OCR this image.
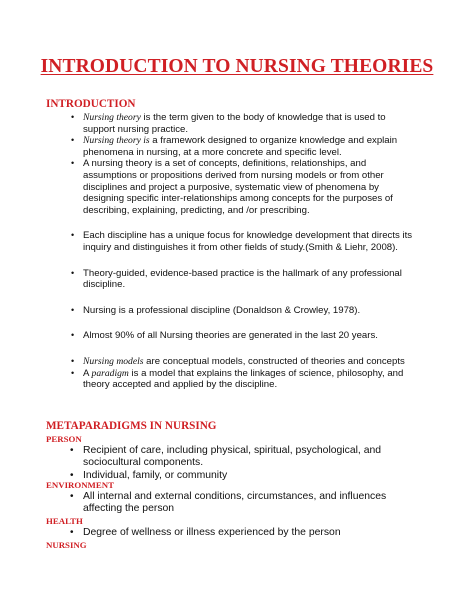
INTRODUCTION TO NURSING THEORIES
INTRODUCTION
• Nursing theory is the term given to the body of knowledge that is used to support nursing practice.
• Nursing theory is a framework designed to organize knowledge and explain phenomena in nursing, at a more concrete and specific level.
• A nursing theory is a set of concepts, definitions, relationships, and assumptions or propositions derived from nursing models or from other disciplines and project a purposive, systematic view of phenomena by designing specific inter-relationships among concepts for the purposes of describing, explaining, predicting, and /or prescribing.
• Each discipline has a unique focus for knowledge development that directs its inquiry and distinguishes it from other fields of study.(Smith & Liehr, 2008).
• Theory-guided, evidence-based practice is the hallmark of any professional discipline.
• Nursing is a professional discipline (Donaldson & Crowley, 1978).
• Almost 90% of all Nursing theories are generated in the last 20 years.
• Nursing models are conceptual models, constructed of theories and concepts
• A paradigm is a model that explains the linkages of science, philosophy, and theory accepted and applied by the discipline.
METAPARADIGMS IN NURSING
PERSON
• Recipient of care, including physical, spiritual, psychological, and sociocultural components.
• Individual, family, or community
ENVIRONMENT
• All internal and external conditions, circumstances, and influences affecting the person
HEALTH
• Degree of wellness or illness experienced by the person
NURSING
